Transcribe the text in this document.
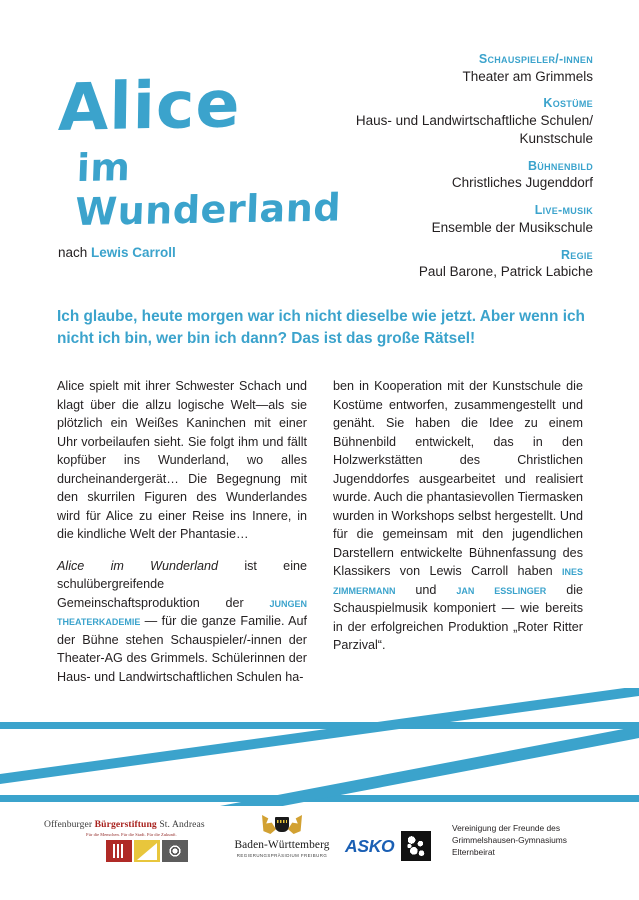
Alice
im Wunderland
nach Lewis Carroll
Schauspieler/-innen
Theater am Grimmels
Kostüme
Haus- und Landwirtschaftliche Schulen/ Kunstschule
Bühnenbild
Christliches Jugenddorf
Live-musik
Ensemble der Musikschule
Regie
Paul Barone, Patrick Labiche
Ich glaube, heute morgen war ich nicht dieselbe wie jetzt. Aber wenn ich nicht ich bin, wer bin ich dann? Das ist das große Rätsel!

Alice spielt mit ihrer Schwester Schach und klagt über die allzu logische Welt—als sie plötzlich ein Weißes Kaninchen mit einer Uhr vorbeilaufen sieht. Sie folgt ihm und fällt kopfüber ins Wunderland, wo alles durcheinandergerät… Die Begegnung mit den skurrilen Figuren des Wunderlandes wird für Alice zu einer Reise ins Innere, in die kindliche Welt der Phantasie…

Alice im Wunderland ist eine schulübergreifende Gemeinschaftsproduktion der jungen theaterkademie — für die ganze Familie. Auf der Bühne stehen Schauspieler/-innen der Theater-AG des Grimmels. Schülerinnen der Haus- und Landwirtschaftlichen Schulen ha-

ben in Kooperation mit der Kunstschule die Kostüme entworfen, zusammengestellt und genäht. Sie haben die Idee zu einem Bühnenbild entwickelt, das in den Holzwerkstätten des Christlichen Jugenddorfes ausgearbeitet und realisiert wurde. Auch die phantasievollen Tiermasken wurden in Workshops selbst hergestellt. Und für die gemeinsam mit den jugendlichen Darstellern entwickelte Bühnenfassung des Klassikers von Lewis Carroll haben ines zimmermann und jan esslinger die Schauspielmusik komponiert — wie bereits in der erfolgreichen Produktion „Roter Ritter Parzival“.

Offenburger Bürgerstiftung St. Andreas
Für die Menschen. Für die Stadt. Für die Zukunft.
Baden-Württemberg
REGIERUNGSPRÄSIDIUM FREIBURG	ASKO
Vereinigung der Freunde des
Grimmelshausen-Gymnasiums
Elternbeirat
